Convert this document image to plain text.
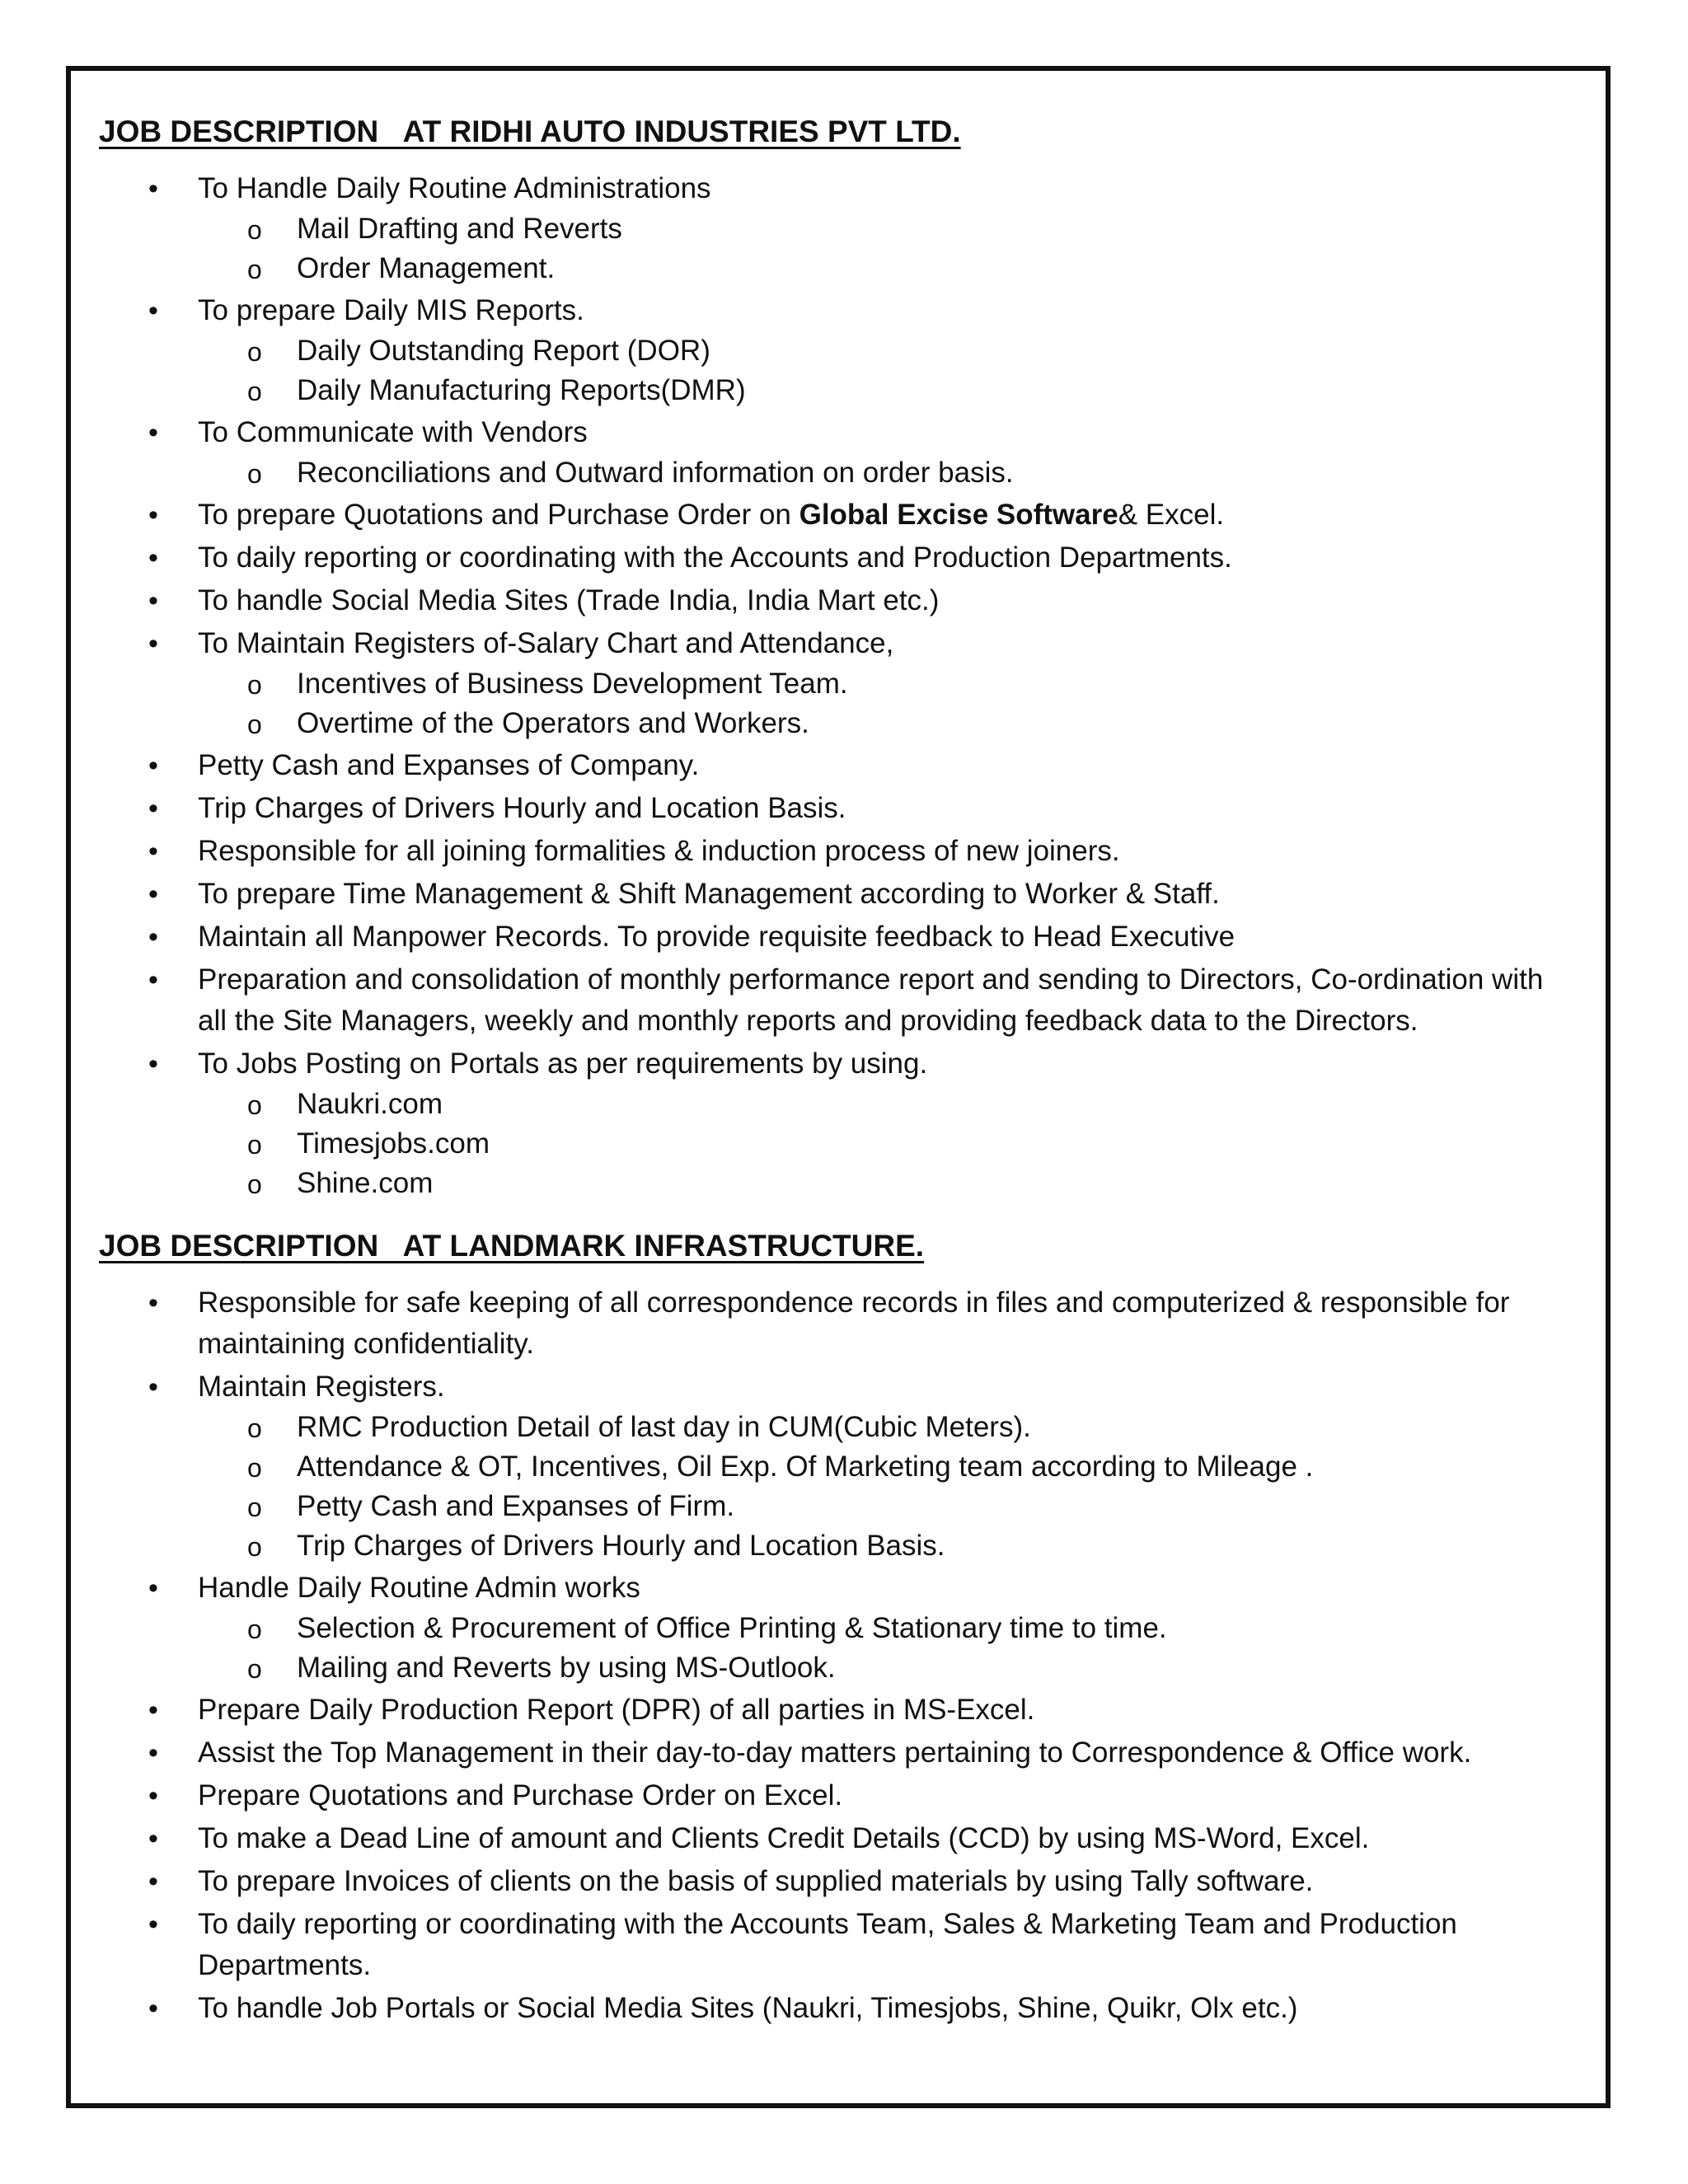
JOB DESCRIPTION   AT RIDHI AUTO INDUSTRIES PVT LTD.
• To Handle Daily Routine Administrations
o Mail Drafting and Reverts
o Order Management.
• To prepare Daily MIS Reports.
o Daily Outstanding Report (DOR)
o Daily Manufacturing Reports(DMR)
• To Communicate with Vendors
o Reconciliations and Outward information on order basis.
• To prepare Quotations and Purchase Order on Global Excise Software& Excel.
• To daily reporting or coordinating with the Accounts and Production Departments.
• To handle Social Media Sites (Trade India, India Mart etc.)
• To Maintain Registers of-Salary Chart and Attendance,
o Incentives of Business Development Team.
o Overtime of the Operators and Workers.
• Petty Cash and Expanses of Company.
• Trip Charges of Drivers Hourly and Location Basis.
• Responsible for all joining formalities & induction process of new joiners.
• To prepare Time Management & Shift Management according to Worker & Staff.
• Maintain all Manpower Records. To provide requisite feedback to Head Executive
• Preparation and consolidation of monthly performance report and sending to Directors, Co-ordination with all the Site Managers, weekly and monthly reports and providing feedback data to the Directors.
• To Jobs Posting on Portals as per requirements by using.
o Naukri.com
o Timesjobs.com
o Shine.com
JOB DESCRIPTION   AT LANDMARK INFRASTRUCTURE.
• Responsible for safe keeping of all correspondence records in files and computerized & responsible for maintaining confidentiality.
• Maintain Registers.
o RMC Production Detail of last day in CUM(Cubic Meters).
o Attendance & OT, Incentives, Oil Exp. Of Marketing team according to Mileage .
o Petty Cash and Expanses of Firm.
o Trip Charges of Drivers Hourly and Location Basis.
• Handle Daily Routine Admin works
o Selection & Procurement of Office Printing & Stationary time to time.
o Mailing and Reverts by using MS-Outlook.
• Prepare Daily Production Report (DPR) of all parties in MS-Excel.
• Assist the Top Management in their day-to-day matters pertaining to Correspondence & Office work.
• Prepare Quotations and Purchase Order on Excel.
• To make a Dead Line of amount and Clients Credit Details (CCD) by using MS-Word, Excel.
• To prepare Invoices of clients on the basis of supplied materials by using Tally software.
• To daily reporting or coordinating with the Accounts Team, Sales & Marketing Team and Production Departments.
• To handle Job Portals or Social Media Sites (Naukri, Timesjobs, Shine, Quikr, Olx etc.)
